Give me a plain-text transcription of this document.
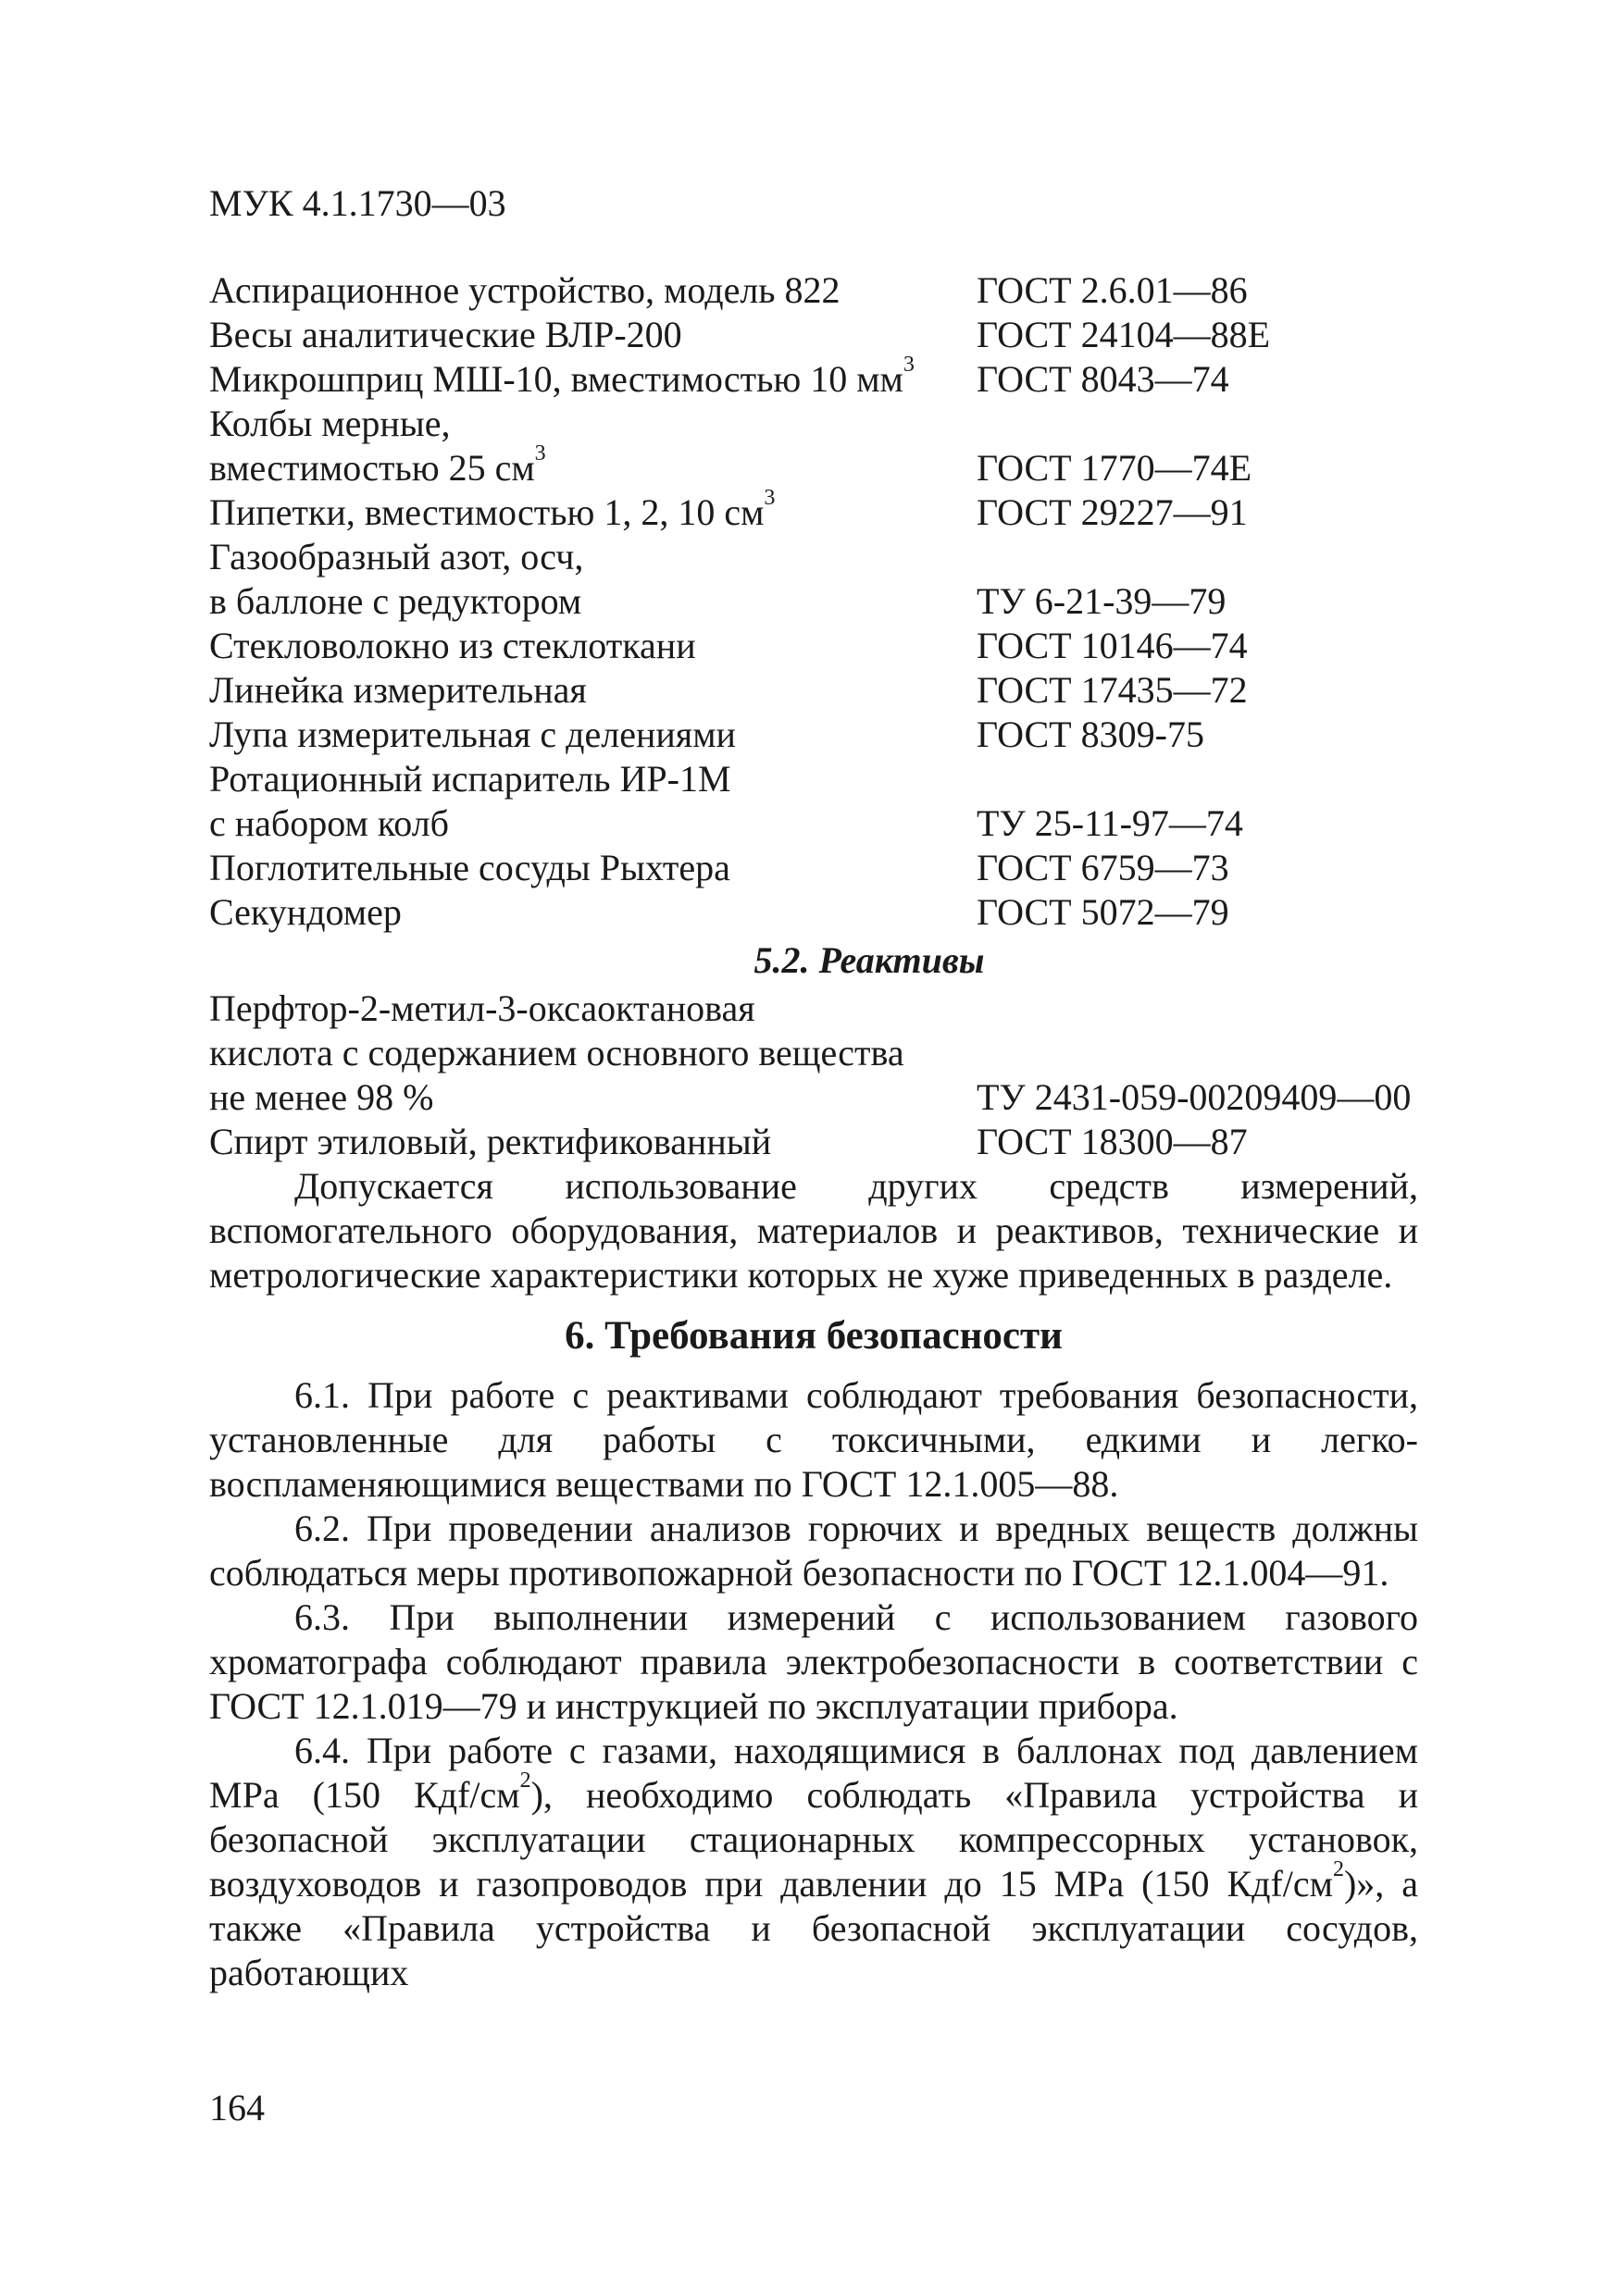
МУК 4.1.1730—03
Аспирационное устройство, модель 822	ГОСТ 2.6.01—86
Весы аналитические ВЛР-200	ГОСТ 24104—88Е
Микрошприц МШ-10, вместимостью 10 $мм^3$	ГОСТ 8043—74
Колбы мерные,
вместимостью 25 $см^3$	ГОСТ 1770—74Е
Пипетки, вместимостью 1, 2, 10 $см^3$	ГОСТ 29227—91
Газообразный азот, осч,
в баллоне с редуктором	ТУ 6-21-39—79
Стекловолокно из стеклоткани	ГОСТ 10146—74
Линейка измерительная	ГОСТ 17435—72
Лупа измерительная с делениями	ГОСТ 8309-75
Ротационный испаритель ИР-1М
с набором колб	ТУ 25-11-97—74
Поглотительные сосуды Рыхтера	ГОСТ 6759—73
Секундомер	ГОСТ 5072—79
5.2. Реактивы
Перфтор-2-метил-3-оксаоктановая
кислота с содержанием основного вещества
не менее 98 %	ТУ 2431-059-00209409—00
Спирт этиловый, ректификованный	ГОСТ 18300—87

Допускается использование других средств измерений, вспомогательного оборудования, материалов и реактивов, технические и метрологические характеристики которых не хуже приведенных в разделе.

6. Требования безопасности

6.1. При работе с реактивами соблюдают требования безопасности, установленные для работы с токсичными, едкими и легко-воспламеняющимися веществами по ГОСТ 12.1.005—88.

6.2. При проведении анализов горючих и вредных веществ должны соблюдаться меры противопожарной безопасности по ГОСТ 12.1.004—91.

6.3. При выполнении измерений с использованием газового хроматографа соблюдают правила электробезопасности в соответствии с ГОСТ 12.1.019—79 и инструкцией по эксплуатации прибора.

6.4. При работе с газами, находящимися в баллонах под давлением МРа (150 Кдf/$см^2$), необходимо соблюдать «Правила устройства и безопасной эксплуатации стационарных компрессорных установок, воздуховодов и газопроводов при давлении до 15 МРа (150 Кдf/$см^2$)», а также «Правила устройства и безопасной эксплуатации сосудов, работающих

164
